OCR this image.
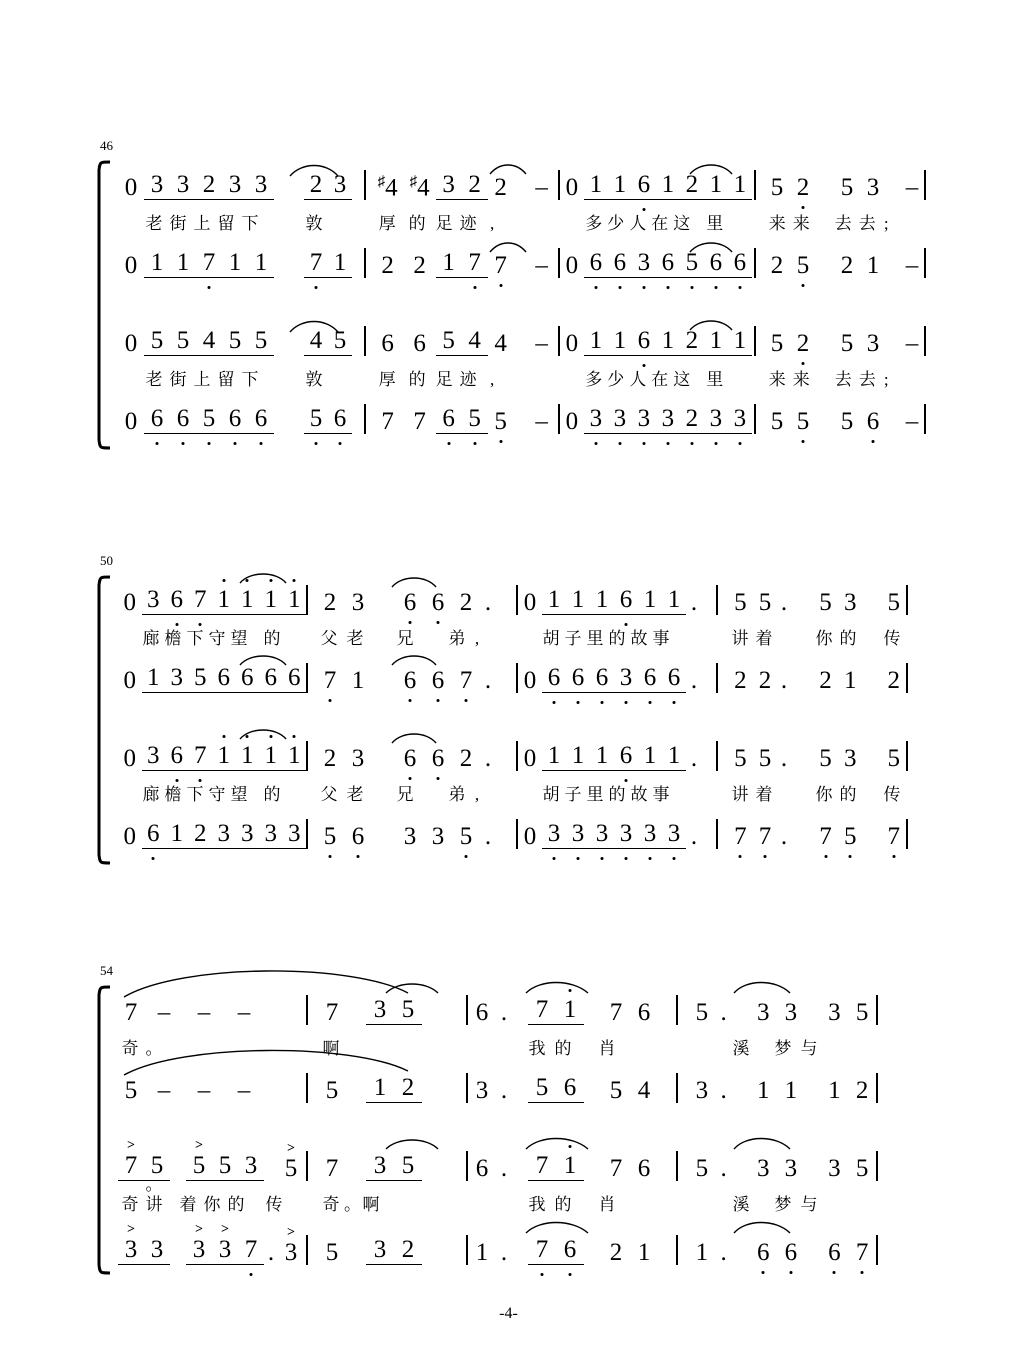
46
0 3 3 2 3 3 2 3	♯4 ♯4 3 2 2 – 0 1 1 6 1 2 1 1 5 2 5 3 –
老 街 上 留 下	敦	厚 的 足 迹 ,	多 少 人 在 这 里	来 来 去 去 ;
0 1 1 7 1 1 7 1	2 2 1 7 7 – 0 6 6 3 6 5 6 6 2 5 2 1 –
0 5 5 4 5 5 4 5	6 6 5 4 4 – 0 1 1 6 1 2 1 1 5 2 5 3 –
老 街 上 留 下	敦	厚 的 足 迹 ,	多 少 人 在 这 里	来 来 去 去 ;
0 6 6 5 6 6 5 6	7 7 6 5 5 – 0 3 3 3 3 2 3 3 5 5 5 6 –
50
0 3 6 7 1 1 1 1 2 3	6 6 2 . 0 1 1 1 6 1 1 . 5 5 . 5 3 5
廊 檐 下 守 望 的	父 老 兄 弟 ,	胡 子 里 的 故 事	讲 着	你 的 传
0 1 3 5 6 6 6 6 7 1	6 6 7 . 0 6 6 6 3 6 6 . 2 2 . 2 1 2
0 3 6 7 1 1 1 1 2 3	6 6 2 . 0 1 1 1 6 1 1 . 5 5 . 5 3 5
廊 檐 下 守 望 的	父 老 兄 弟 ,	胡 子 里 的 故 事	讲 着	你 的 传
0 6 1 2 3 3 3 3 5 6	3 3 5 . 0 3 3 3 3 3 3 . 7 7 . 7 5 7
54
7 –	–	–	7	3 5	6 .	7 1	7 6	5 .	3 3	3 5
奇 。	啊	我 的 肖	溪 梦 与
5 –	–	–	5	1 2	3 .	5 6	5 4	3 .	1 1	1 2
> 7 5 > 5 5 3 > 5	7	3 5	6 .	7 1	7 6	5 .	3 3	3 5
奇
。讲 着 你 的 传 奇 。 啊	我 的 肖	溪 梦 与
> 3 3 > 3 > 3 7 . > 3	5	3 2	1 .	7 6	2 1	1 .	6 6	6 7
-4-
